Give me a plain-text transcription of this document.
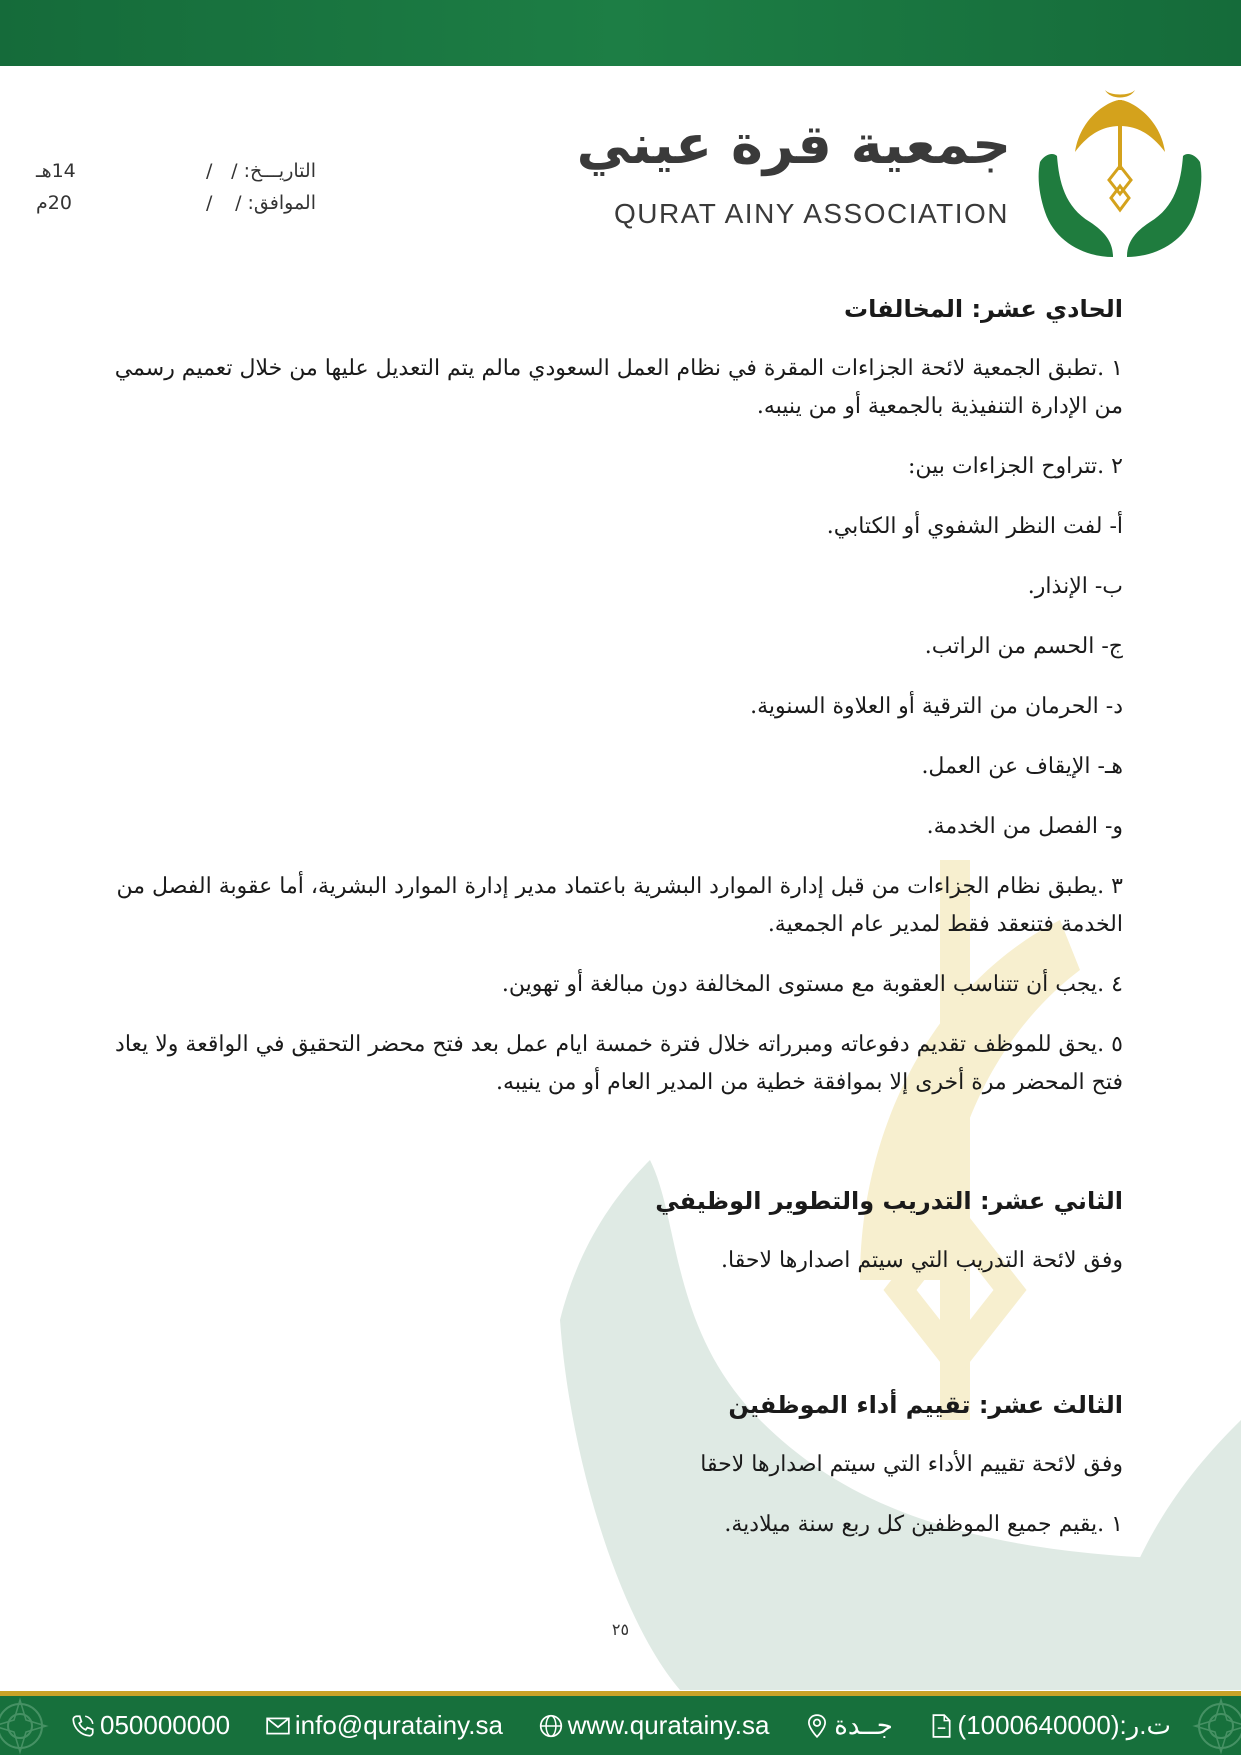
جمعية قرة عيني
QURAT AINY ASSOCIATION
التاريـــخ: /
/
14هـ
الموافق: /
/
20م
الحادي عشر: المخالفات
١ .تطبق الجمعية لائحة الجزاءات المقرة في نظام العمل السعودي مالم يتم التعديل عليها من خلال تعميم رسمي من الإدارة التنفيذية بالجمعية أو من ينيبه.
٢ .تتراوح الجزاءات بين:
أ- لفت النظر الشفوي أو الكتابي.
ب- الإنذار.
ج- الحسم من الراتب.
د- الحرمان من الترقية أو العلاوة السنوية.
هـ- الإيقاف عن العمل.
و- الفصل من الخدمة.
٣ .يطبق نظام الجزاءات من قبل إدارة الموارد البشرية باعتماد مدير إدارة الموارد البشرية، أما عقوبة الفصل من الخدمة فتنعقد فقط لمدير عام الجمعية.
٤ .يجب أن تتناسب العقوبة مع مستوى المخالفة دون مبالغة أو تهوين.
٥ .يحق للموظف تقديم دفوعاته ومبرراته خلال فترة خمسة ايام عمل بعد فتح محضر التحقيق في الواقعة ولا يعاد فتح المحضر مرة أخرى إلا بموافقة خطية من المدير العام أو من ينيبه.
الثاني عشر: التدريب والتطوير الوظيفي
وفق لائحة التدريب التي سيتم اصدارها لاحقا.
الثالث عشر: تقييم أداء الموظفين
وفق لائحة تقييم الأداء التي سيتم اصدارها لاحقا
١ .يقيم جميع الموظفين كل ربع سنة ميلادية.
٢٥
050000000 info@quratainy.sa www.quratainy.sa جــدة ت.ر:(1000640000)
